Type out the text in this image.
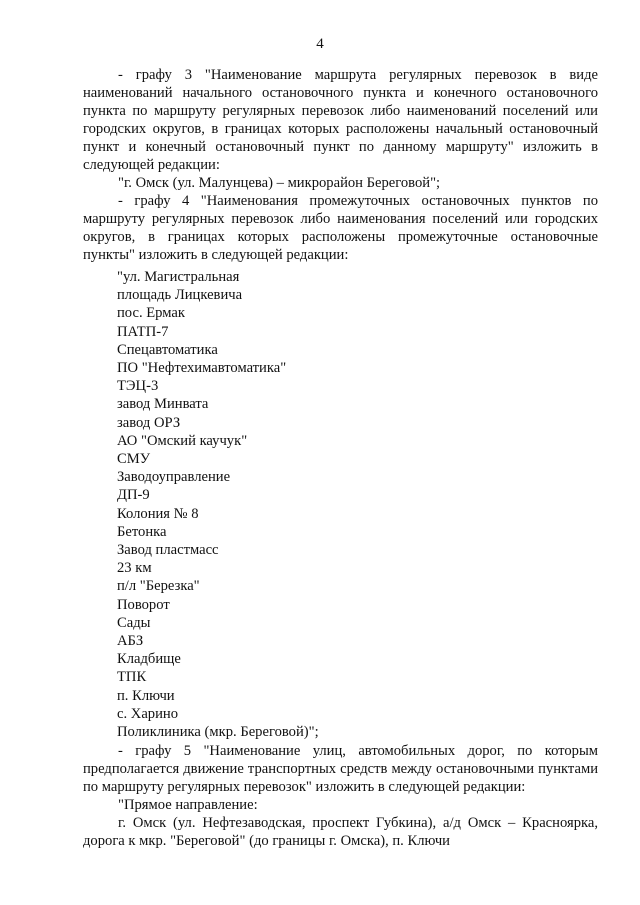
4

- графу 3 "Наименование маршрута регулярных перевозок в виде наименований начального остановочного пункта и конечного остановочного пункта по маршруту регулярных перевозок либо наименований поселений или городских округов, в границах которых расположены начальный остановочный пункт и конечный остановочный пункт по данному маршруту" изложить в следующей редакции:

"г. Омск (ул. Малунцева) – микрорайон Береговой";

- графу 4 "Наименования промежуточных остановочных пунктов по маршруту регулярных перевозок либо наименования поселений или городских округов, в границах которых расположены промежуточные остановочные пункты" изложить в следующей редакции:

"ул. Магистральная
площадь Лицкевича
пос. Ермак
ПАТП-7
Спецавтоматика
ПО "Нефтехимавтоматика"
ТЭЦ-3
завод Минвата
завод ОРЗ
АО "Омский каучук"
СМУ
Заводоуправление
ДП-9
Колония № 8
Бетонка
Завод пластмасс
23 км
п/л "Березка"
Поворот
Сады
АБЗ
Кладбище
ТПК
п. Ключи
с. Харино
Поликлиника (мкр. Береговой)";

- графу 5 "Наименование улиц, автомобильных дорог, по которым предполагается движение транспортных средств между остановочными пунктами по маршруту регулярных перевозок" изложить в следующей редакции:

"Прямое направление:

г. Омск (ул. Нефтезаводская, проспект Губкина), а/д Омск – Красноярка, дорога к мкр. "Береговой" (до границы г. Омска), п. Ключи
